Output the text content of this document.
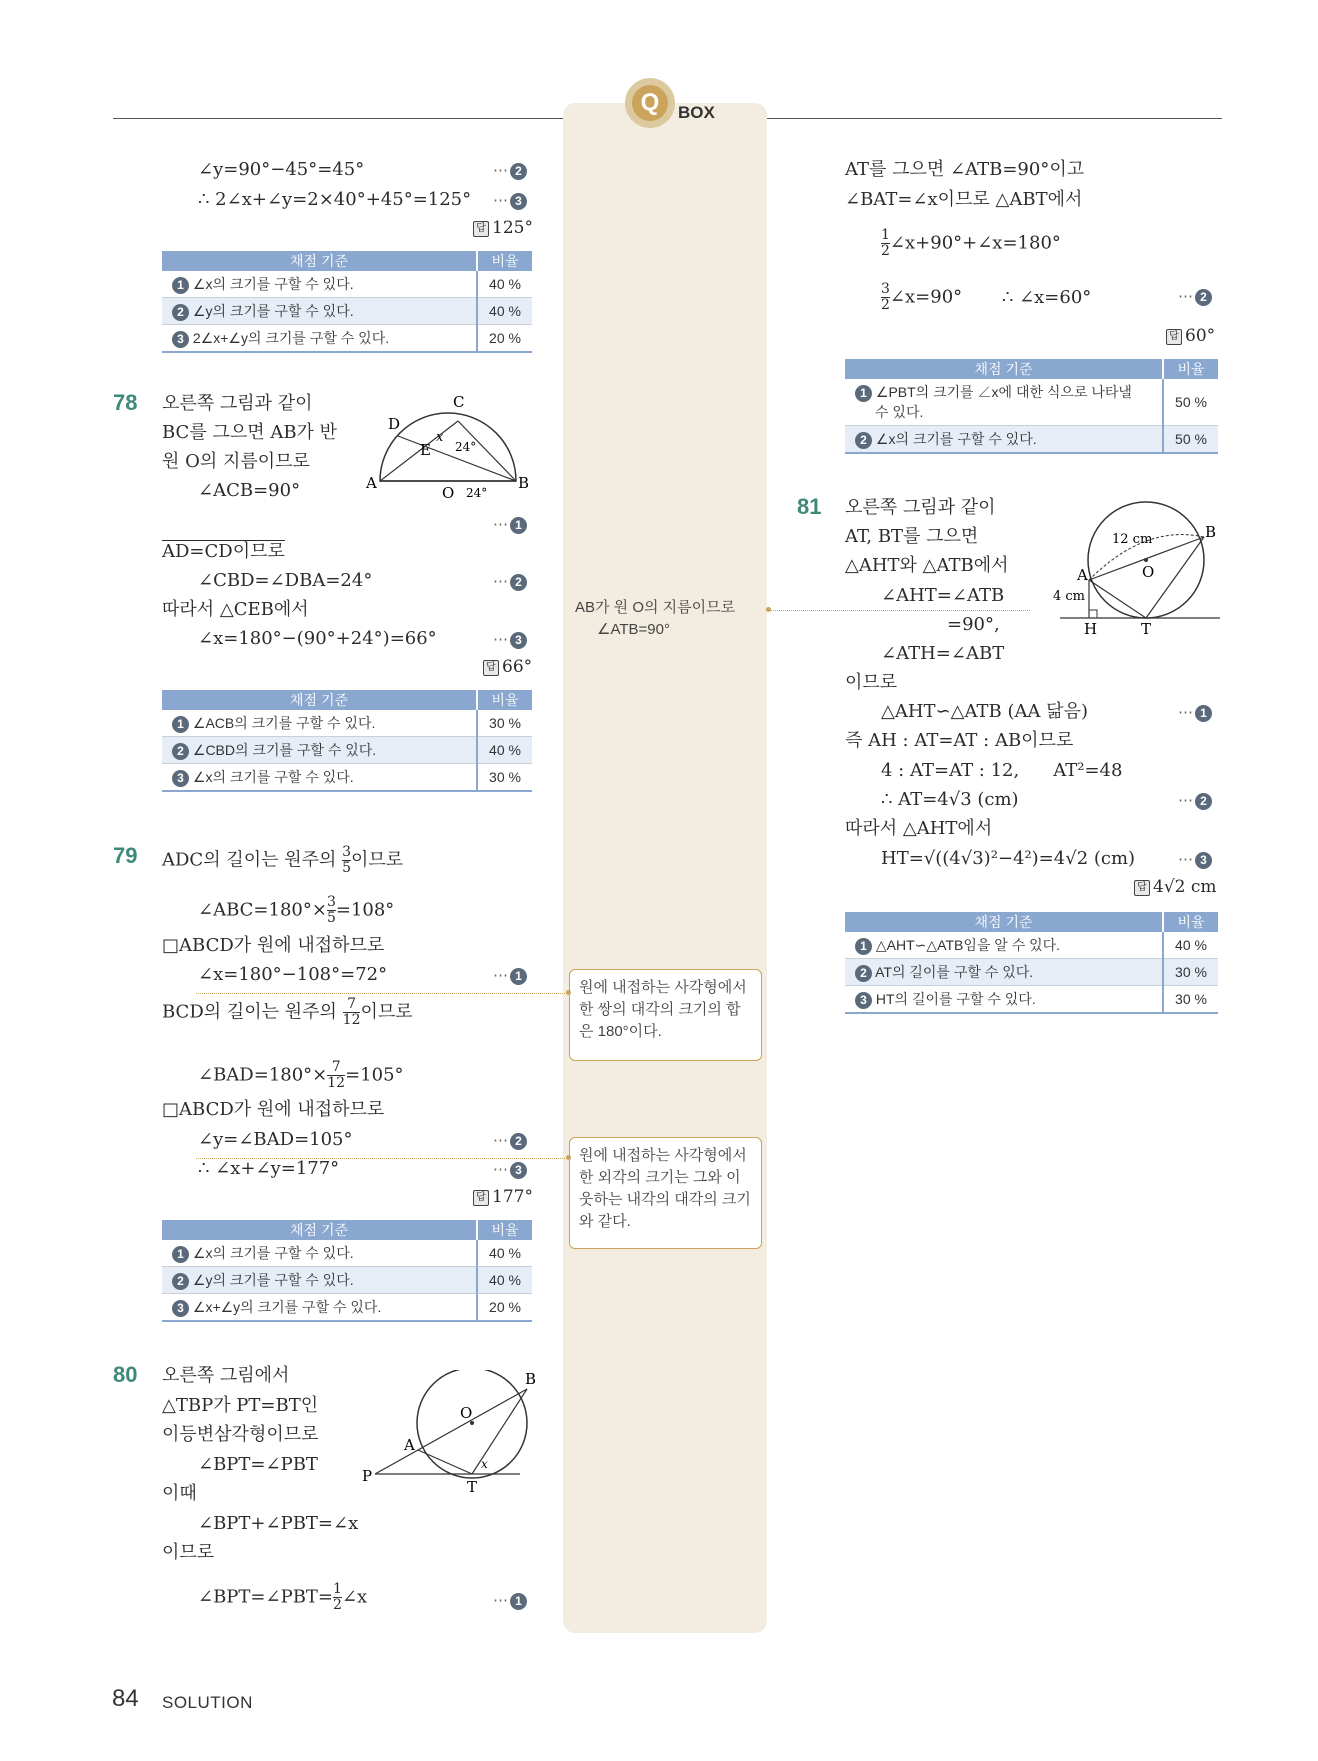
Q	BOX
∠y=90°−45°=45°	⋯ 2
∴ 2∠x+∠y=2×40°+45°=125° ⋯ 3
답 125°
채점 기준	비율
1 ∠x의 크기를 구할 수 있다.	40 %
2 ∠y의 크기를 구할 수 있다.	40 %
3 2∠x+∠y의 크기를 구할 수 있다.	20 %
78 오른쪽 그림과 같이
BC를 그으면 AB가 반
원 O의 지름이므로
∠ACB=90°
C
D
E
x
24°
A	B
O 24°
⋯ 1
AD=CD이므로
∠CBD=∠DBA=24°	⋯ 2
따라서 △CEB에서
∠x=180°−(90°+24°)=66°	⋯ 3
답 66°
채점 기준	비율
1 ∠ACB의 크기를 구할 수 있다.	30 %
2 ∠CBD의 크기를 구할 수 있다.	40 %
3 ∠x의 크기를 구할 수 있다.	30 %
79 ADC의 길이는 원주의 $\frac{3}{5}$ 이므로
∠ABC=180°× $\frac{3}{5} =108^\circ$
□ABCD가 원에 내접하므로
∠x=180°−108°=72°	⋯ 1
BCD의 길이는 원주의 $\frac{7}{12}$ 이므로
∠BAD=180°× $\frac{7}{12} =105^\circ$
□ABCD가 원에 내접하므로
∠y=∠BAD=105°	⋯ 2
∴ ∠x+∠y=177°	⋯ 3
답 177°
채점 기준	비율
1 ∠x의 크기를 구할 수 있다.	40 %
2 ∠y의 크기를 구할 수 있다.	40 %
3 ∠x+∠y의 크기를 구할 수 있다.	20 %
80 오른쪽 그림에서
△TBP가 PT=BT인
이등변삼각형이므로
∠BPT=∠PBT
이때
∠BPT+∠PBT=∠x
이므로
∠BPT=∠PBT= $\frac{1}{2}$ ∠x	⋯ 1
B
O
A
P
T
x
AB가 원 O의 지름이므로
∠ATB=90°
원에 내접하는 사각형에서 한 쌍의 대각의 크기의 합은 180°이다.
원에 내접하는 사각형에서 한 외각의 크기는 그와 이웃하는 내각의 대각의 크기와 같다.
AT를 그으면 ∠ATB=90°이고
∠BAT=∠x이므로 △ABT에서
$\frac{1}{2}$ ∠x+90°+∠x=180°
$\frac{3}{2}$ ∠x=90° ∴ ∠x=60°	⋯ 2
답 60°
채점 기준	비율
1 ∠PBT의 크기를 ∠x에 대한 식으로 나타낼
수 있다.	50 %
2 ∠x의 크기를 구할 수 있다.	50 %
81 오른쪽 그림과 같이
AT, BT를 그으면
△AHT와 △ATB에서
∠AHT=∠ATB
=90°,
∠ATH=∠ABT
이므로
B
O
A
H	T
12 cm
4 cm
△AHT∽△ATB (AA 닮음)	⋯ 1
즉 AH : AT=AT : AB이므로
4 : AT=AT : 12, AT²=48
∴ AT=4√3 (cm)	⋯ 2
따라서 △AHT에서
HT=√((4√3)²−4²)=4√2 (cm)	⋯ 3
답 4√2 cm
채점 기준	비율
1 △AHT∽△ATB임을 알 수 있다.	40 %
2 AT의 길이를 구할 수 있다.	30 %
3 HT의 길이를 구할 수 있다.	30 %
84 SOLUTION
